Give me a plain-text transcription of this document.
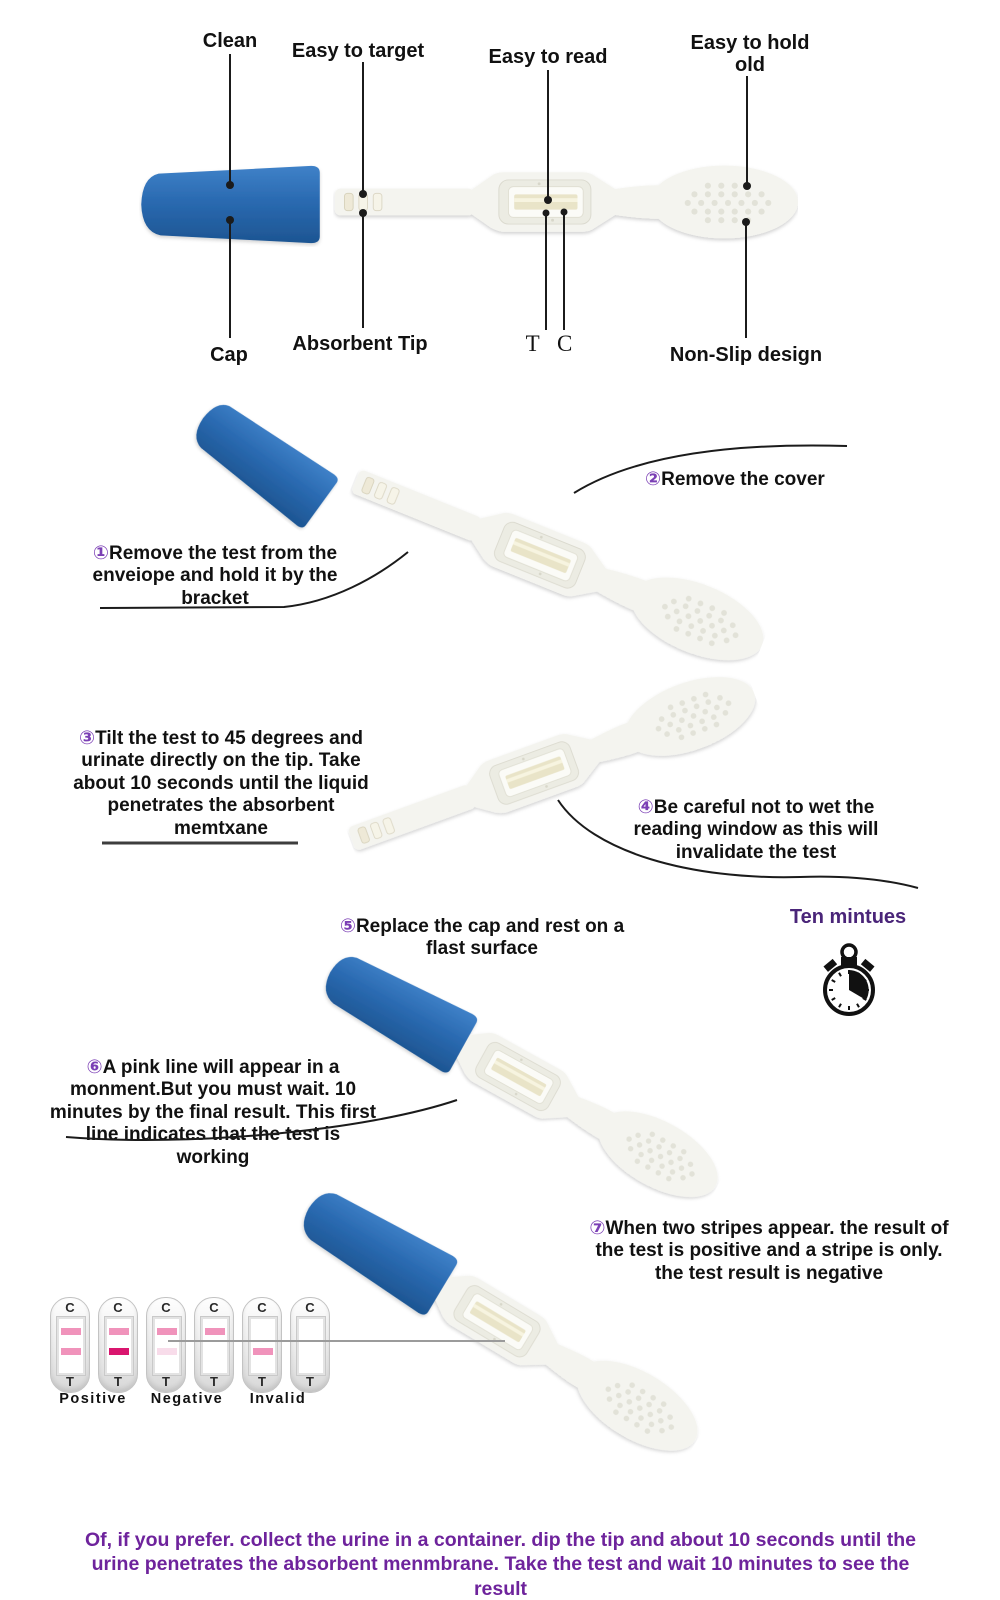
Clean Easy to target	Easy to read
Easy to hold old
Cap Absorbent Tip	T C	Non-Slip design
①Remove the test from the enveiope and hold it by the bracket
②Remove the cover
③Tilt the test to 45 degrees and urinate directly on the tip. Take about 10 seconds until the liquid penetrates the absorbent memtxane
④Be careful not to wet the reading window as this will invalidate the test
⑤Replace the cap and rest on a flast surface
Ten mintues
⑥A pink line will appear in a monment.But you must wait. 10 minutes by the final result. This first line indicates that the test is working
⑦When two stripes appear. the result of the test is positive and a stripe is only. the test result is negative
C
T
C
T
C
T
C
T
C
T
C
T
Positive Negative Invalid
Of, if you prefer. collect the urine in a container. dip the tip and about 10 seconds until the urine penetrates the absorbent menmbrane. Take the test and wait 10 minutes to see the result
